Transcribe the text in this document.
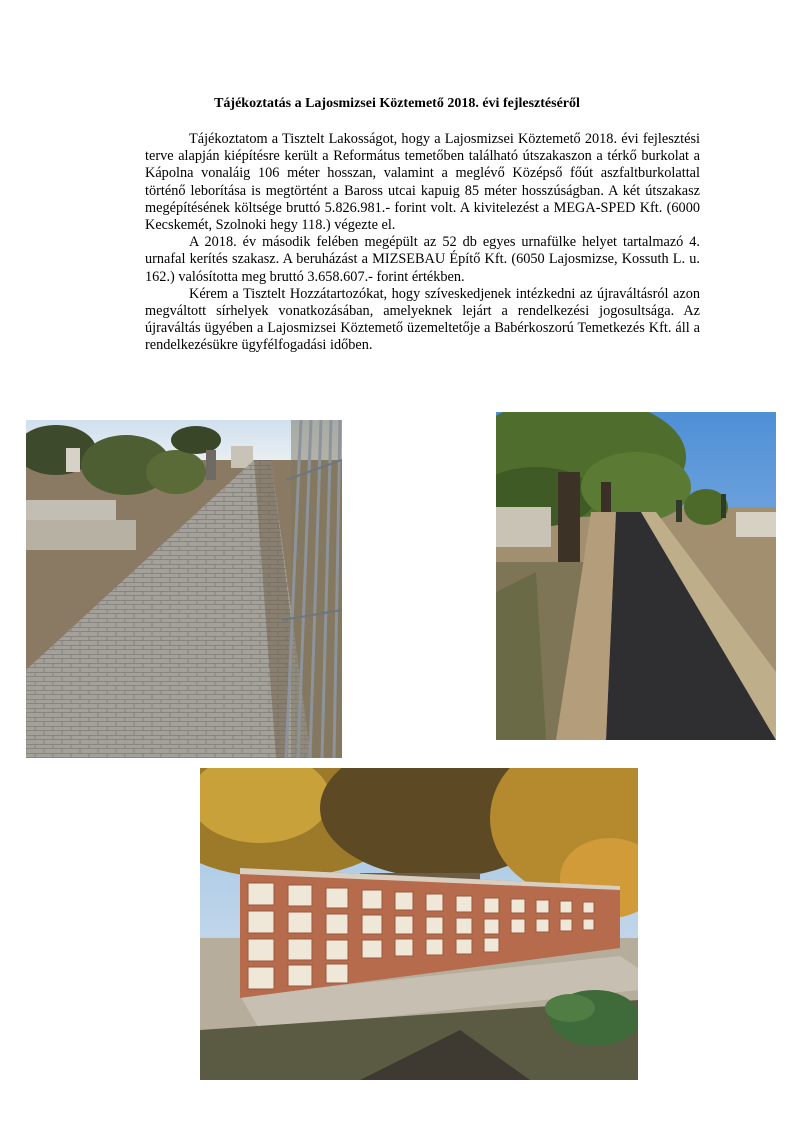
Tájékoztatás a Lajosmizsei Köztemető 2018. évi fejlesztéséről

Tájékoztatom a Tisztelt Lakosságot, hogy a Lajosmizsei Köztemető 2018. évi fejlesztési terve alapján kiépítésre került a Református temetőben található útszakaszon a térkő burkolat a Kápolna vonaláig 106 méter hosszan, valamint a meglévő Középső főút aszfaltburkolattal történő leborítása is megtörtént a Baross utcai kapuig 85 méter hosszúságban. A két útszakasz megépítésének költsége bruttó 5.826.981.- forint volt. A kivitelezést a MEGA-SPED Kft. (6000 Kecskemét, Szolnoki hegy 118.) végezte el.

A 2018. év második felében megépült az 52 db egyes urnafülke helyet tartalmazó 4. urnafal kerítés szakasz. A beruházást a MIZSEBAU Építő Kft. (6050 Lajosmizse, Kossuth L. u. 162.) valósította meg bruttó 3.658.607.- forint értékben.

Kérem a Tisztelt Hozzátartozókat, hogy szíveskedjenek intézkedni az újraváltásról azon megváltott sírhelyek vonatkozásában, amelyeknek lejárt a rendelkezési jogosultsága. Az újraváltás ügyében a Lajosmizsei Köztemető üzemeltetője a Babérkoszorú Temetkezés Kft. áll a rendelkezésükre ügyfélfogadási időben.
